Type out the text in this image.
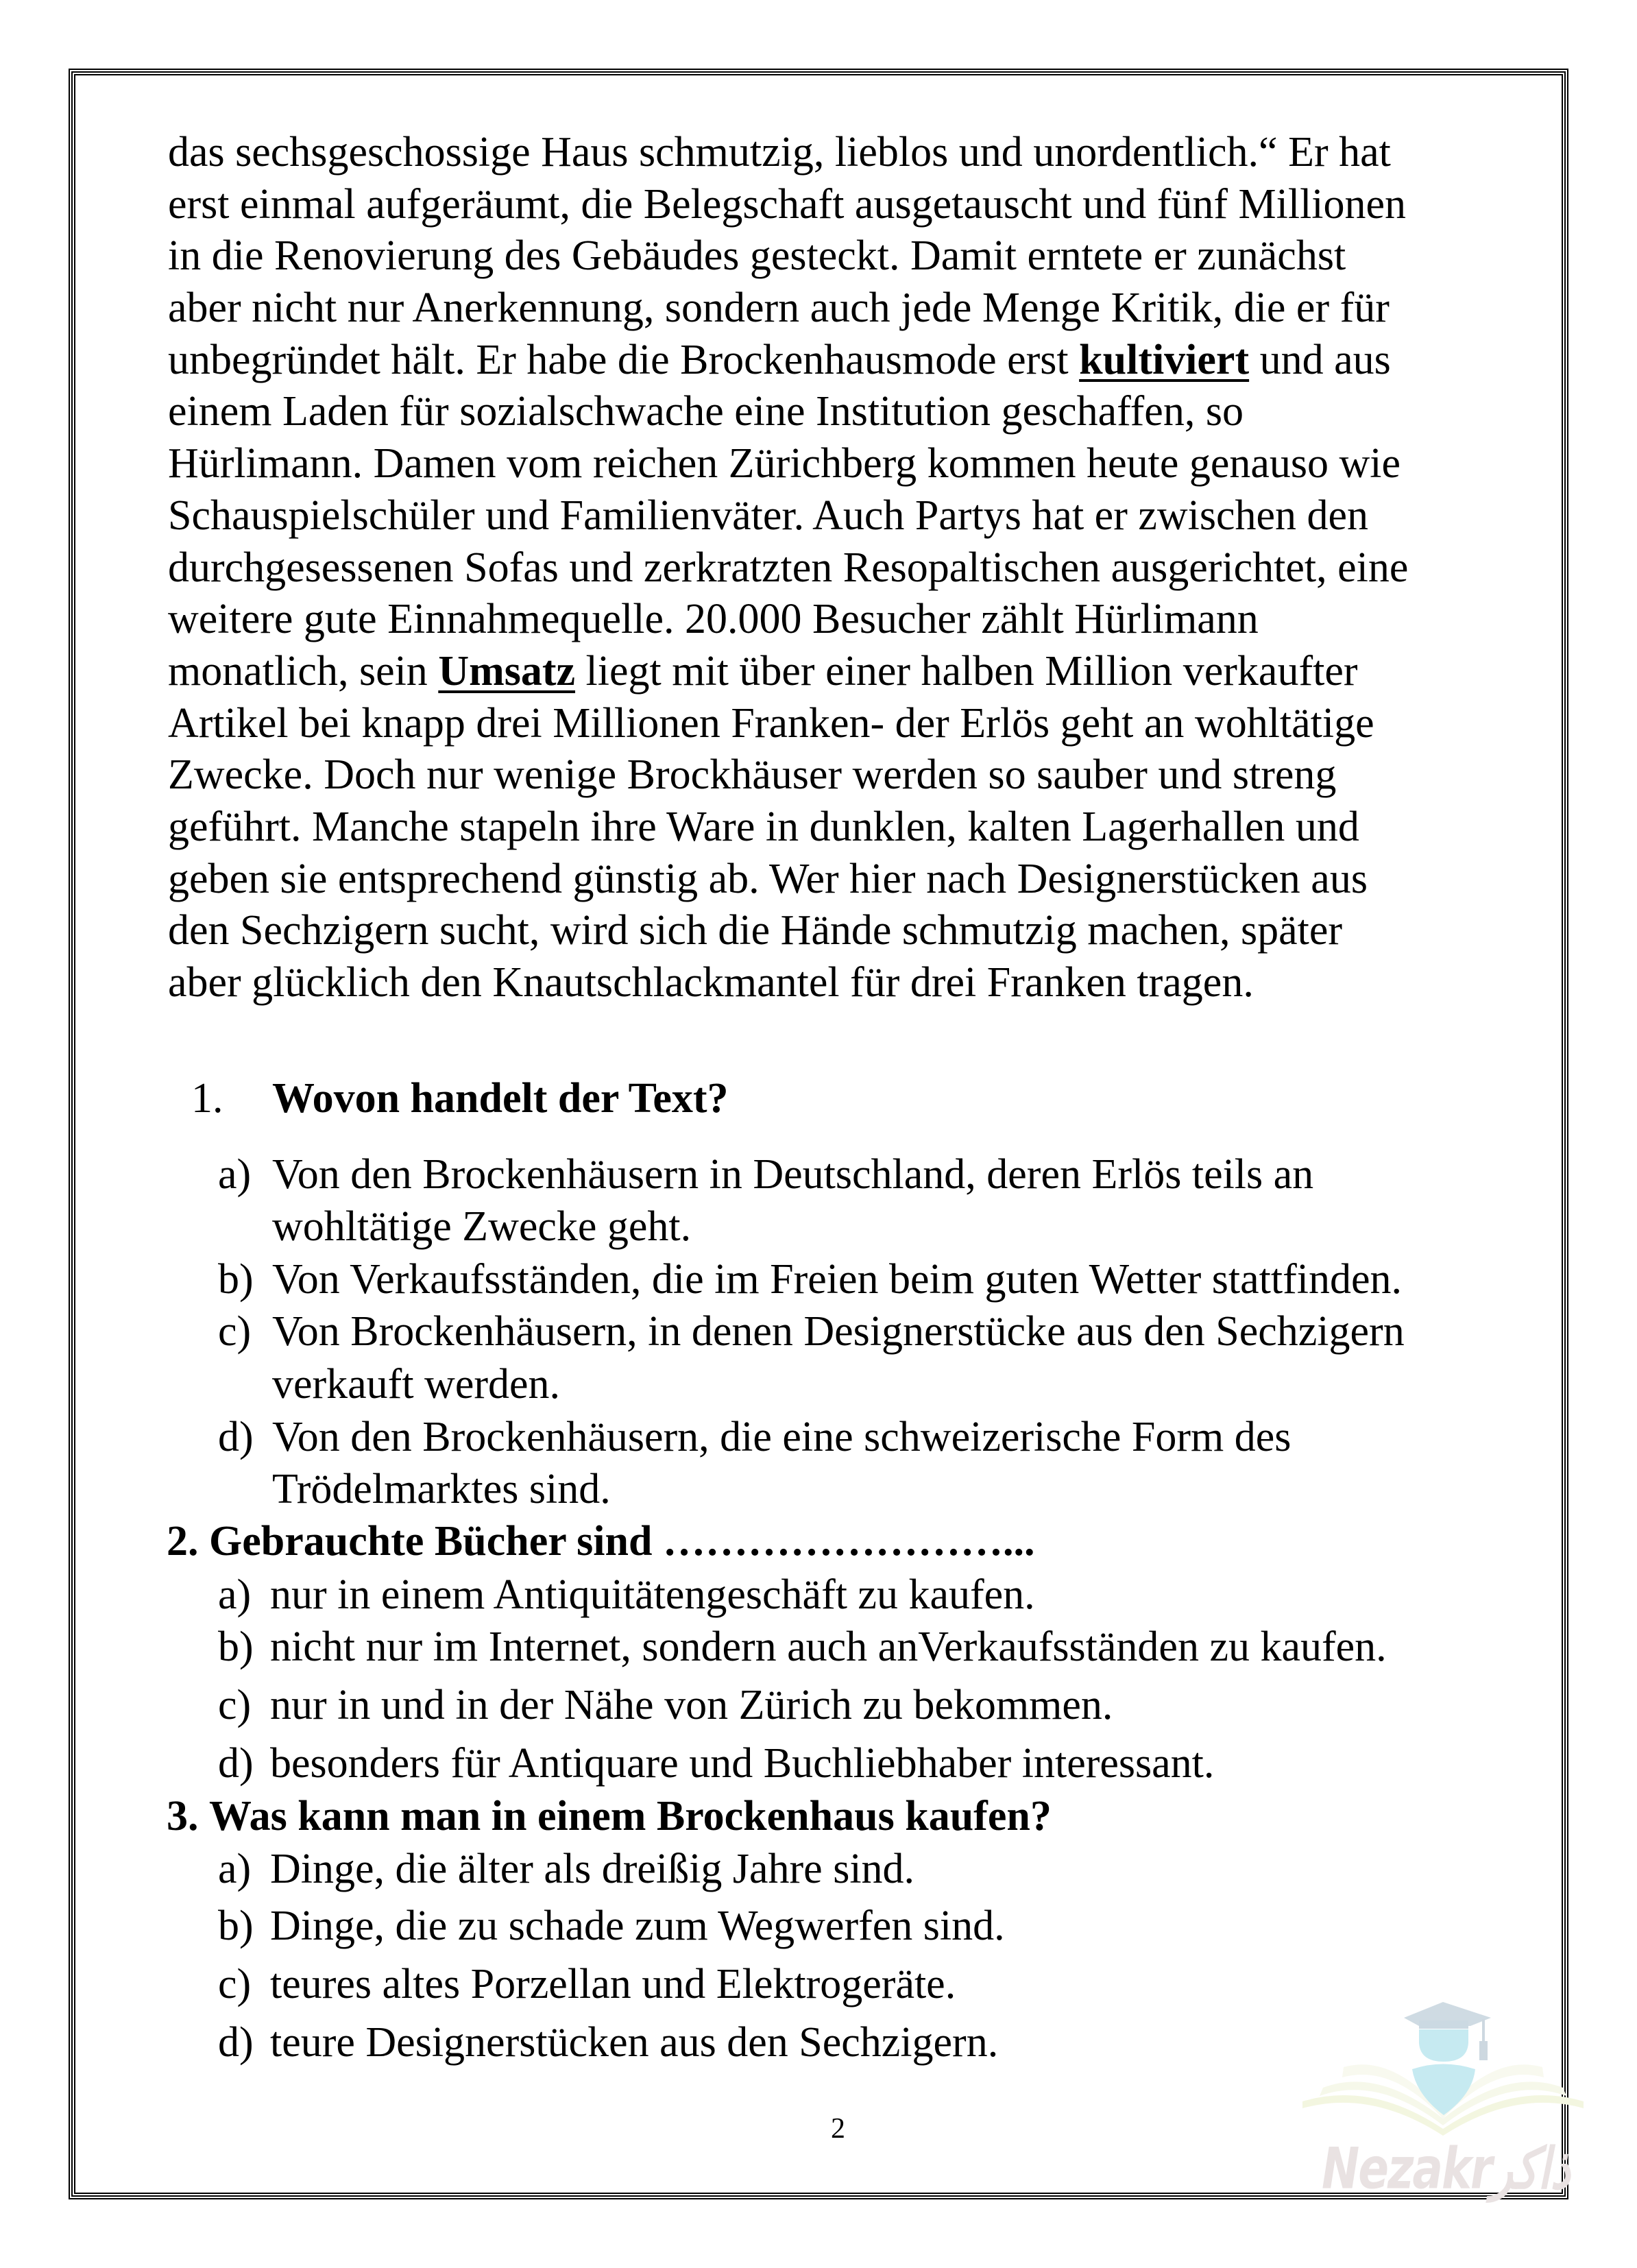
das sechsgeschossige Haus schmutzig, lieblos und unordentlich.“ Er hat
erst einmal aufgeräumt, die Belegschaft ausgetauscht und fünf Millionen
in die Renovierung des Gebäudes gesteckt. Damit erntete er zunächst
aber nicht nur Anerkennung, sondern auch jede Menge Kritik, die er für
unbegründet hält. Er habe die Brockenhausmode erst kultiviert und aus
einem Laden für sozialschwache eine Institution geschaffen, so
Hürlimann. Damen vom reichen Zürichberg kommen heute genauso wie
Schauspielschüler und Familienväter. Auch Partys hat er zwischen den
durchgesessenen Sofas und zerkratzten Resopaltischen ausgerichtet, eine
weitere gute Einnahmequelle. 20.000 Besucher zählt Hürlimann
monatlich, sein Umsatz liegt mit über einer halben Million verkaufter
Artikel bei knapp drei Millionen Franken- der Erlös geht an wohltätige
Zwecke. Doch nur wenige Brockhäuser werden so sauber und streng
geführt. Manche stapeln ihre Ware in dunklen, kalten Lagerhallen und
geben sie entsprechend günstig ab. Wer hier nach Designerstücken aus
den Sechzigern sucht, wird sich die Hände schmutzig machen, später
aber glücklich den Knautschlackmantel für drei Franken tragen.
1. Wovon handelt der Text?
a) Von den Brockenhäusern in Deutschland, deren Erlös teils an
wohltätige Zwecke geht.
b) Von Verkaufsständen, die im Freien beim guten Wetter stattfinden.
c) Von Brockenhäusern, in denen Designerstücke aus den Sechzigern
verkauft werden.
d) Von den Brockenhäusern, die eine schweizerische Form des
Trödelmarktes sind.
2. Gebrauchte Bücher sind ……………………...
a) nur in einem Antiquitätengeschäft zu kaufen.
b) nicht nur im Internet, sondern auch anVerkaufsständen zu kaufen.
c) nur in und in der Nähe von Zürich zu bekommen.
d) besonders für Antiquare und Buchliebhaber interessant.
3. Was kann man in einem Brockenhaus kaufen?
a) Dinge, die älter als dreißig Jahre sind.
b) Dinge, die zu schade zum Wegwerfen sind.
c) teures altes Porzellan und Elektrogeräte.
d) teure Designerstücken aus den Sechzigern.
2
Nezakrذاكر
